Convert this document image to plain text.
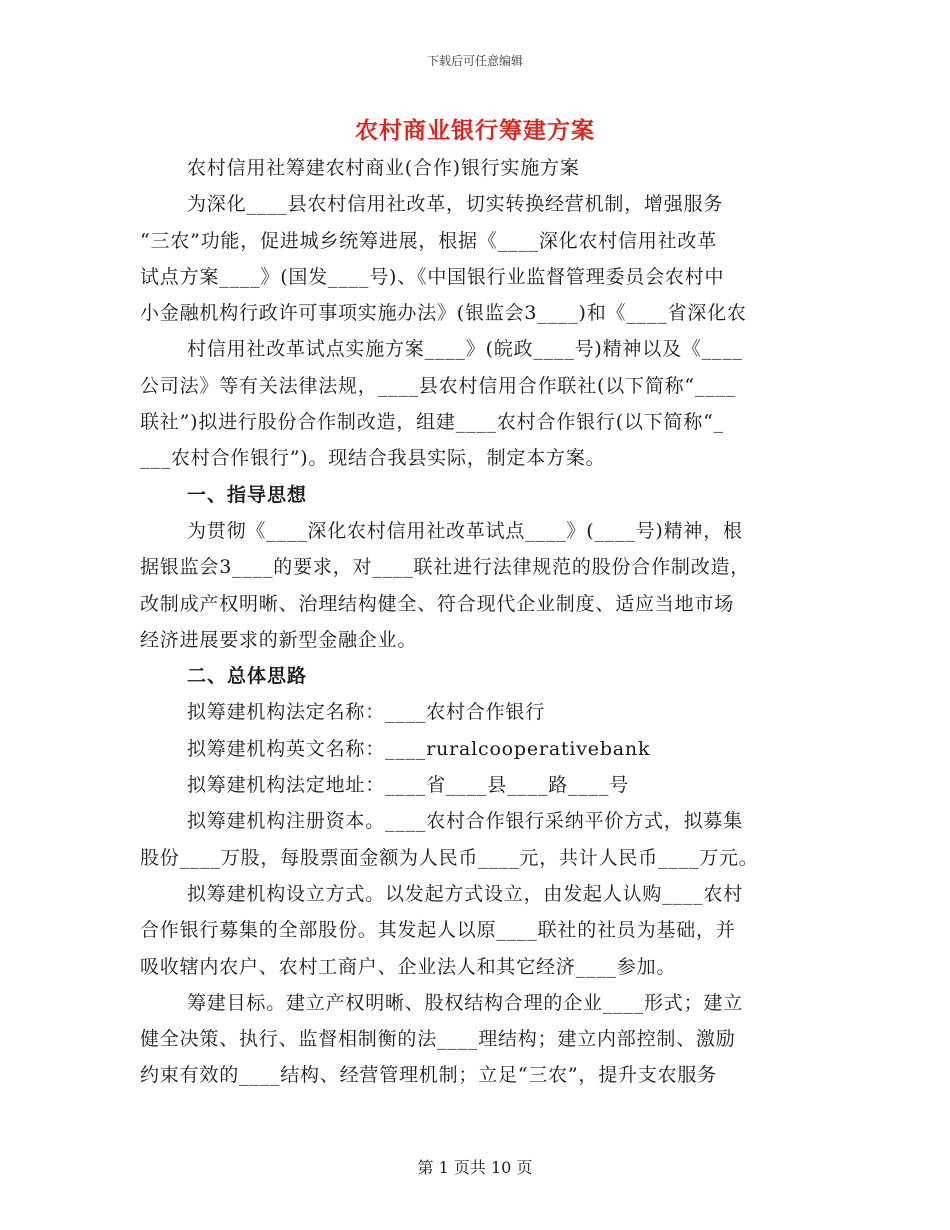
下载后可任意编辑
农村商业银行筹建方案
农村信用社筹建农村商业(合作)银行实施方案
为深化____县农村信用社改革，切实转换经营机制，增强服务
“三农”功能，促进城乡统筹进展，根据《____深化农村信用社改革
试点方案____》(国发____号)、《中国银行业监督管理委员会农村中
小金融机构行政许可事项实施办法》(银监会3____)和《____省深化农
村信用社改革试点实施方案____》(皖政____号)精神以及《____
公司法》等有关法律法规，____县农村信用合作联社(以下简称“____
联社”)拟进行股份合作制改造，组建____农村合作银行(以下简称“_
___农村合作银行”)。现结合我县实际，制定本方案。
一、指导思想
为贯彻《____深化农村信用社改革试点____》(____号)精神，根
据银监会3____的要求，对____联社进行法律规范的股份合作制改造，
改制成产权明晰、治理结构健全、符合现代企业制度、适应当地市场
经济进展要求的新型金融企业。
二、总体思路
拟筹建机构法定名称：____农村合作银行
拟筹建机构英文名称：____ruralcooperativebank
拟筹建机构法定地址：____省____县____路____号
拟筹建机构注册资本。____农村合作银行采纳平价方式，拟募集
股份____万股，每股票面金额为人民币____元，共计人民币____万元。
拟筹建机构设立方式。以发起方式设立，由发起人认购____农村
合作银行募集的全部股份。其发起人以原____联社的社员为基础，并
吸收辖内农户、农村工商户、企业法人和其它经济____参加。
筹建目标。建立产权明晰、股权结构合理的企业____形式；建立
健全决策、执行、监督相制衡的法____理结构；建立内部控制、激励
约束有效的____结构、经营管理机制；立足“三农”，提升支农服务
第 1 页共 10 页
